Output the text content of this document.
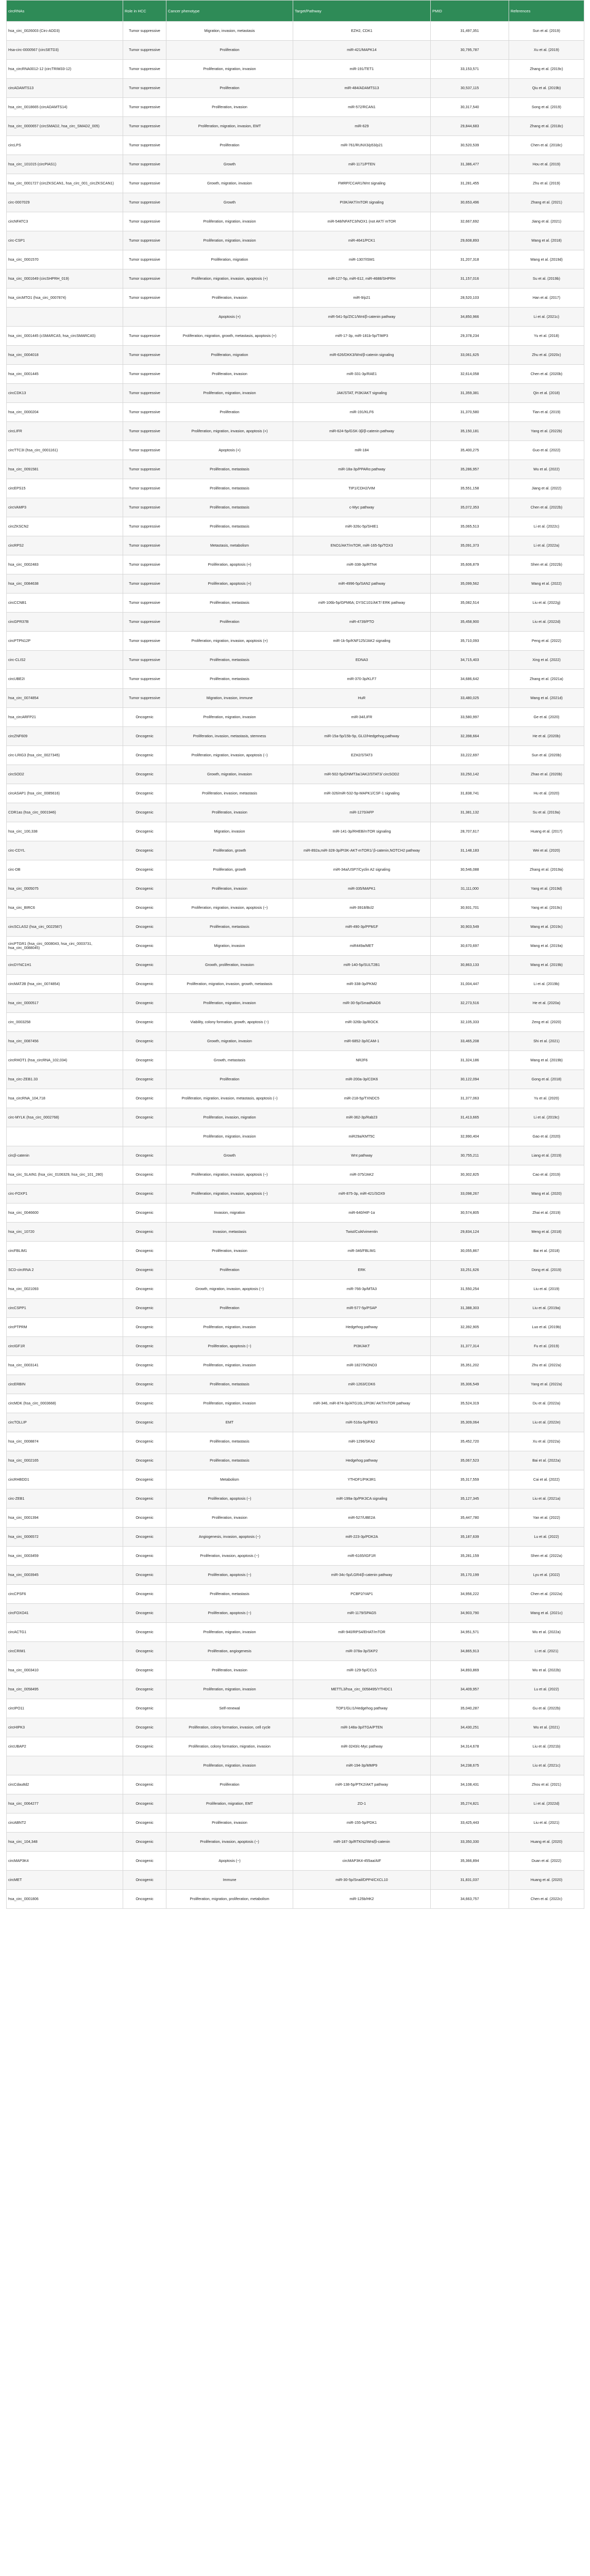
circRNAs	Role in HCC	Cancer phenotype	Target/Pathway	PMID	References
hsa_circ_0026003 (Circ-ADD3)	Tumor suppressive	Migration, invasion, metastasis	EZH2, CDK1	31,497,351	Sun et al. (2019)
Hsa-circ-0000567 (circSETD3)	Tumor suppressive	Proliferation	miR-421/MAPK14	30,795,787	Xu et al. (2019)
hsa_circRNA0012-12 (circTRIM33-12)	Tumor suppressive	Proliferation, migration, invasion	miR-191/TET1	33,153,571	Zhang et al. (2019c)
circADAMTS13	Tumor suppressive	Proliferation	miR-484/ADAMTS13	30,537,115	Qiu et al. (2019b)
hsa_circ_0018665 (circADAMTS14)	Tumor suppressive	Proliferation, invasion	miR-572/RCAN1	30,317,540	Song et al. (2019)
hsa_circ_0000657 (circSMAD2, hsa_circ_SMAD2_005)	Tumor suppressive	Proliferation, migration, invasion, EMT	miR-629	29,844,683	Zhang et al. (2018c)
circLPS	Tumor suppressive	Proliferation	miR-761/RUNX3/p53/p21	30,520,539	Chen et al. (2018c)
hsa_circ_101015 (circPIAS1)	Tumor suppressive	Growth	miR-1171/PTEN	31,386,477	Hou et al. (2019)
hsa_circ_0001727 (circZKSCAN1, hsa_circ_001_circZKSCAN1)	Tumor suppressive	Growth, migration, invasion	FMRP/CCAR1/Wnt signaling	31,281,455	Zhu et al. (2019)
circ-0007029	Tumor suppressive	Growth	PI3K/AKT/mTOR signaling	30,653,496	Zhang et al. (2021)
circNFATC3	Tumor suppressive	Proliferation, migration, invasion	miR-548/NFATC3/NOX1 (not AKT/ mTOR	32,667,692	Jiang et al. (2021)
circ-CSP1	Tumor suppressive	Proliferation, migration, invasion	miR-4641/PCK1	29,608,893	Wang et al. (2018)
hsa_circ_0001570	Tumor suppressive	Proliferation, migration	miR-1307/ISM1	31,207,318	Wang et al. (2019d)
hsa_circ_0001649 (circSHPRH_019)	Tumor suppressive	Proliferation, migration, invasion, apoptosis (+)	miR-127-5p, miR-612, miR-4688/SHPRH	31,157,016	Su et al. (2019b)
hsa_circMTO1 (hsa_circ_0007874)	Tumor suppressive	Proliferation, invasion	miR-9/p21	28,520,103	Han et al. (2017)
		Apoptosis (+)	miR-541-5p/ZIC1/Wnt/β-catenin pathway	34,850,966	Li et al. (2021c)
hsa_circ_0001445 (cSMARCA5, hsa_circSMARCA5)	Tumor suppressive	Proliferation, migration, growth, metastasis, apoptosis (+)	miR-17-3p, miR-181b-5p/TIMP3	29,378,234	Yu et al. (2018)
hsa_circ_0004018	Tumor suppressive	Proliferation, migration	miR-626/DKK3/Wnt/β-catenin signaling	33,061,625	Zhu et al. (2020c)
hsa_circ_0001445	Tumor suppressive	Proliferation, invasion	miR-331-3p/RAE1	32,614,058	Chen et al. (2020b)
circCDK13	Tumor suppressive	Proliferation, migration, invasion	JAK/STAT, PI3K/AKT signaling	31,359,381	Qin et al. (2018)
hsa_circ_0000204	Tumor suppressive	Proliferation	miR-191/KLF6	31,370,580	Tian et al. (2019)
circLIFR	Tumor suppressive	Proliferation, migration, invasion, apoptosis (+)	miR-624-5p/GSK-3β/β-catenin pathway	35,150,181	Yang et al. (2022b)
circTTC3I (hsa_circ_0001161)	Tumor suppressive	Apoptosis (+)	miR-184	35,400,275	Guo et al. (2022)
hsa_circ_0091581	Tumor suppressive	Proliferation, metastasis	miR-18a-3p/PPARα pathway	35,286,957	Wu et al. (2022)
circEPS15	Tumor suppressive	Proliferation, metastasis	TIP1/CDH2/VIM	35,551,158	Jiang et al. (2022)
circVAMP3	Tumor suppressive	Proliferation, metastasis	c-Myc pathway	35,072,353	Chen et al. (2022b)
circZKSCN2	Tumor suppressive	Proliferation, metastasis	miR-326c-5p/SHIE1	35,065,513	Li et al. (2022c)
circRPS2	Tumor suppressive	Metastasis, metabolism	ENO1/AKT/mTOR, miR-165-5p/TOX3	35,091,373	Li et al. (2022a)
hsa_circ_0002483	Tumor suppressive	Proliferation, apoptosis (+)	miR-338-3p/RTN4	35,606,879	Shen et al. (2022b)
hsa_circ_0084638	Tumor suppressive	Proliferation, apoptosis (+)	miR-4996-5p/SAN2 pathway	35,099,562	Wang et al. (2022)
circCCNB1	Tumor suppressive	Proliferation, metastasis	miR-106b-5p/GPM6A; DYSC101/AKT/ ERK pathway	35,082,514	Liu et al. (2022g)
circGPR37B	Tumor suppressive	Proliferation	miR-4739/PTO	35,458,900	Liu et al. (2022d)
circPTPN12P	Tumor suppressive	Proliferation, migration, invasion, apoptosis (+)	miR-1k-5p/KNF125/JAK2 signaling	35,710,093	Peng et al. (2022)
circ-CLIS2	Tumor suppressive	Proliferation, metastasis	EDNA3	34,715,403	Xing et al. (2022)
circUBE2I	Tumor suppressive	Proliferation, metastasis	miR-370-3p/KLF7	34,686,642	Zhang et al. (2021a)
hsa_circ_0074854	Tumor suppressive	Migration, invasion, immune	HuR	33,480,025	Wang et al. (2021d)
hsa_circARFP21	Oncogenic	Proliferation, migration, invasion	miR-34/LIFR	33,580,997	Ge et al. (2020)
circZNF609	Oncogenic	Proliferation, invasion, metastasis, stemness	miR-15a-5p/15b-5p, GLI2/Hedgehog pathway	32,398,664	He et al. (2020b)
circ-LRIG3 (hsa_circ_0027345)	Oncogenic	Proliferation, migration, invasion, apoptosis (−)	EZH2/STAT3	33,222,697	Sun et al. (2020b)
circSOD2	Oncogenic	Growth, migration, invasion	miR-502-5p/DNMT3a/JAK2/STAT3/ circSOD2	33,250,142	Zhao et al. (2020b)
circASAP1 (hsa_circ_0085616)	Oncogenic	Proliferation, invasion, metastasis	miR-326/miR-532-5p-MAPK1/CSF-1 signaling	31,838,741	Hu et al. (2020)
CDR1as (hsa_circ_0001946)	Oncogenic	Proliferation, invasion	miR-1270/AFP	31,381,132	Su et al. (2019a)
hsa_circ_100,338	Oncogenic	Migration, invasion	miR-141-3p/RHEB/mTOR signaling	28,707,617	Huang et al. (2017)
circ-CDYL	Oncogenic	Proliferation, growth	miR-892a,miR-328-3p/PI3K-AKT-mTOR1/ β-catenin,NOTCH2 pathway	31,148,183	Wei et al. (2020)
circ-DB	Oncogenic	Proliferation, growth	miR-34a/USP7/Cyclin A2 signaling	30,546,088	Zhang et al. (2019a)
hsa_circ_0005075	Oncogenic	Proliferation, invasion	miR-335/MAPK1	31,111,000	Yang et al. (2019d)
hsa_circ_BIRC6	Oncogenic	Proliferation, migration, invasion, apoptosis (−)	miR-3918/Bcl2	30,931,701	Yang et al. (2019c)
circSCLAS2 (hsa_circ_0022587)	Oncogenic	Proliferation, metastasis	miR-490-3p/PPM1F	30,903,549	Wang et al. (2019c)
circPTGR1 (hsa_circ_0008043, hsa_circ_0003731, hsa_circ_0088045)	Oncogenic	Migration, invasion	miR449a/MET	30,670,697	Wang et al. (2019a)
circDYNC1H1	Oncogenic	Growth, proliferation, invasion	miR-140-5p/SULT2B1	30,863,133	Wang et al. (2019b)
circMAT2B (hsa_circ_0074854)	Oncogenic	Proliferation, migration, invasion, growth, metastasis	miR-338-3p/PKM2	31,004,447	Li et al. (2019b)
hsa_circ_0000517	Oncogenic	Proliferation, migration, invasion	miR-30-5p/SmadNAD6	32,273,516	He et al. (2020a)
circ_0003258	Oncogenic	Viability, colony formation, growth, apoptosis (−)	miR-326b-3p/ROCK	32,105,333	Zeng et al. (2020)
hsa_circ_0087456	Oncogenic	Growth, migration, invasion	miR-6852-3p/ICAM-1	33,465,208	Shi et al. (2021)
circRHOT1 (hsa_circRNA_102,034)	Oncogenic	Growth, metastasis	NR2F6	31,324,186	Wang et al. (2019b)
hsa_circ-ZEB1.33	Oncogenic	Proliferation	miR-200a-3p/CDK6	30,122,094	Gong et al. (2018)
hsa_circRNA_104,718	Oncogenic	Proliferation, migration, invasion, metastasis, apoptosis (−)	miR-218-5p/TXNDC5	31,377,063	Yu et al. (2020)
circ-MYLK (hsa_circ_0002768)	Oncogenic	Proliferation, invasion, migration	miR-362-3p/Rab23	31,413,665	Li et al. (2019c)
		Proliferation, migration, invasion	miR29a/KMT5C	32,990,404	Gao et al. (2020)
circβ-catenin	Oncogenic	Growth	Wnt pathway	30,755,211	Liang et al. (2019)
hsa_circ_SLAIN1 (hsa_circ_0106329, hsa_circ_101_280)	Oncogenic	Proliferation, migration, invasion, apoptosis (−)	miR-375/JAK2	30,302,825	Cao et al. (2019)
circ-FOXP1	Oncogenic	Proliferation, migration, invasion, apoptosis (−)	miR-875-3p, miR-421/SOX9	33,098,267	Wang et al. (2020)
hsa_circ_0046600	Oncogenic	Invasion, migration	miR-640/HIF-1α	30,574,805	Zhai et al. (2019)
hsa_circ_10720	Oncogenic	Invasion, metastasis	Twist/Cul4/vimentin	29,834,124	Meng et al. (2018)
circFBLIM1	Oncogenic	Proliferation, invasion	miR-346/FBLIM1	30,055,867	Bai et al. (2018)
SCD-circRNA 2	Oncogenic	Proliferation	ERK	33,251,626	Dong et al. (2019)
hsa_circ_0021093	Oncogenic	Growth, migration, invasion, apoptosis (−)	miR-766-3p/MTA3	31,550,254	Liu et al. (2019)
circCSPP1	Oncogenic	Proliferation	miR-577-5p/PSAP	31,388,303	Liu et al. (2019a)
circPTPRM	Oncogenic	Proliferation, migration, invasion	Hedgehog pathway	32,392,905	Luo et al. (2019b)
circIGF1R	Oncogenic	Proliferation, apoptosis (−)	PI3K/AKT	31,377,314	Fu et al. (2019)
hsa_circ_0003141	Oncogenic	Proliferation, migration, invasion	miR-1827/NONO3	35,351,202	Zhu et al. (2022a)
circERBIN	Oncogenic	Proliferation, metastasis	miR-1263/CDK6	35,306,549	Yang et al. (2022a)
circMDK (hsa_circ_0003668)	Oncogenic	Proliferation, migration, invasion	miR-346, miR-874-3p/ATG16L1/PI3K/ AKT/mTOR pathway	35,524,319	Du et al. (2022a)
circTOLLIP	Oncogenic	EMT	miR-516a-5p/PBX3	35,309,064	Liu et al. (2022e)
hsa_circ_0008874	Oncogenic	Proliferation, metastasis	miR-1296/SKA2	35,452,720	Xu et al. (2022a)
hsa_circ_0002165	Oncogenic	Proliferation, metastasis	Hedgehog pathway	35,067,523	Bai et al. (2022a)
circRHBDD1	Oncogenic	Metabolism	YTHDF1/PIK3R1	35,317,559	Cai et al. (2022)
circ-ZEB1	Oncogenic	Proliferation, apoptosis (−)	miR-199a-3p/PIK3CA signaling	35,127,345	Liu et al. (2021a)
hsa_circ_0001394	Oncogenic	Proliferation, invasion	miR-527/UBE2A	35,447,780	Yan et al. (2022)
hsa_circ_0006572	Oncogenic	Angiogenesis, invasion, apoptosis (−)	miR-223-3p/PDK2A	35,187,639	Lu et al. (2022)
hsa_circ_0003459	Oncogenic	Proliferation, invasion, apoptosis (−)	miR-6165/IGF1R	35,281,159	Shen et al. (2022a)
hsa_circ_0003945	Oncogenic	Proliferation, apoptosis (−)	miR-34c-5p/LGR4/β-catenin pathway	35,170,199	Lyu et al. (2022)
circCPSF6	Oncogenic	Proliferation, metastasis	PCBP2/YAP1	34,956,222	Chen et al. (2022a)
circFOXO41	Oncogenic	Proliferation, apoptosis (−)	miR-1179/SPAG5	34,903,790	Wang et al. (2021c)
circACTG1	Oncogenic	Proliferation, migration, invasion	miR-940/RPS4/EHAT/mTOR	34,951,571	Wu et al. (2022a)
circCRIM1	Oncogenic	Proliferation, angiogenesis	miR-378a-3p/SKP2	34,865,913	Li et al. (2021)
hsa_circ_0003410	Oncogenic	Proliferation, invasion	miR-129-5p/CCL5	34,893,869	Wu et al. (2022b)
hsa_circ_0058495	Oncogenic	Proliferation, migration, invasion	METTL3/hsa_circ_0058495/YTHDC1	34,409,957	Lu et al. (2022)
circIPO11	Oncogenic	Self-renewal	TOP1/GLI1/Hedgehog pathway	35,040,287	Gu et al. (2022b)
circHIPK3	Oncogenic	Proliferation, colony formation, invasion, cell cycle	miR-148a-3p/ITGA/PTEN	34,430,251	Wu et al. (2021)
circUBAP2	Oncogenic	Proliferation, colony formation, migration, invasion	miR-3243/c-Myc pathway	34,314,678	Liu et al. (2021b)
		Proliferation, migration, invasion	miR-194-3p/MMP9	34,238,675	Liu et al. (2021c)
circCdau8d2	Oncogenic	Proliferation	miR-138-5p/PTK2/AKT pathway	34,108,431	Zhou et al. (2021)
hsa_circ_0064277	Oncogenic	Proliferation, migration, EMT	ZO-1	35,274,821	Li et al. (2022d)
circABNT2	Oncogenic	Proliferation, invasion	miR-155-5p/PDK1	33,425,443	Liu et al. (2021)
hsa_circ_104,348	Oncogenic	Proliferation, invasion, apoptosis (−)	miR-187-3p/RTKN2/Wnt/β-catenin	33,350,330	Huang et al. (2020)
circMAP3K4	Oncogenic	Apoptosis (−)	circMAP3K4-455aa/AIF	35,366,894	Duan et al. (2022)
circMET	Oncogenic	Immune	miR-30-5p/Snail/DPP4/CXCL10	31,831,037	Huang et al. (2020)
hsa_circ_0001806	Oncogenic	Proliferation, migration, proliferation, metabolism	miR-125b/HK2	34,663,757	Chen et al. (2022c)
